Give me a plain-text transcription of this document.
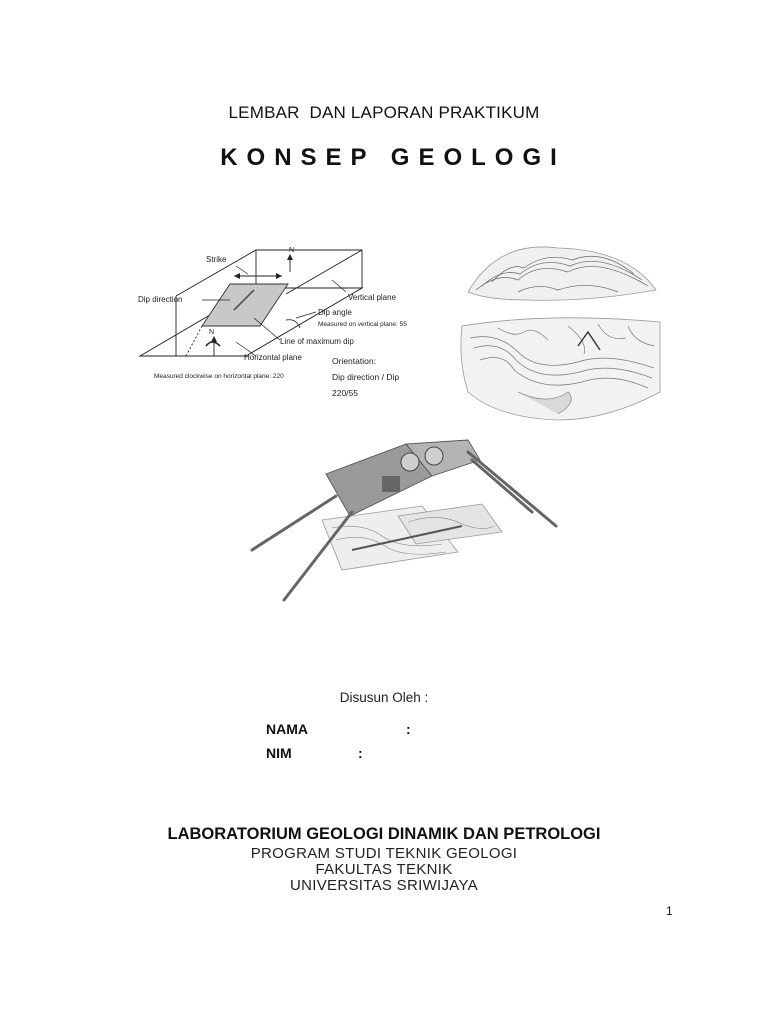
LEMBAR  DAN LAPORAN PRAKTIKUM
KONSEP GEOLOGI
Strike
N
N
Dip direction	Vertical plane
Dip angle
Measured on vertical plane: 55
Line of maximum dip
Horizontal plane
Measured clockwise on horizontal plane: 220
Orientation:
Dip direction / Dip
220/55
Disusun Oleh :
NAMA	:
NIM	:
LABORATORIUM GEOLOGI DINAMIK DAN PETROLOGI
PROGRAM STUDI TEKNIK GEOLOGI
FAKULTAS TEKNIK
UNIVERSITAS SRIWIJAYA
1
